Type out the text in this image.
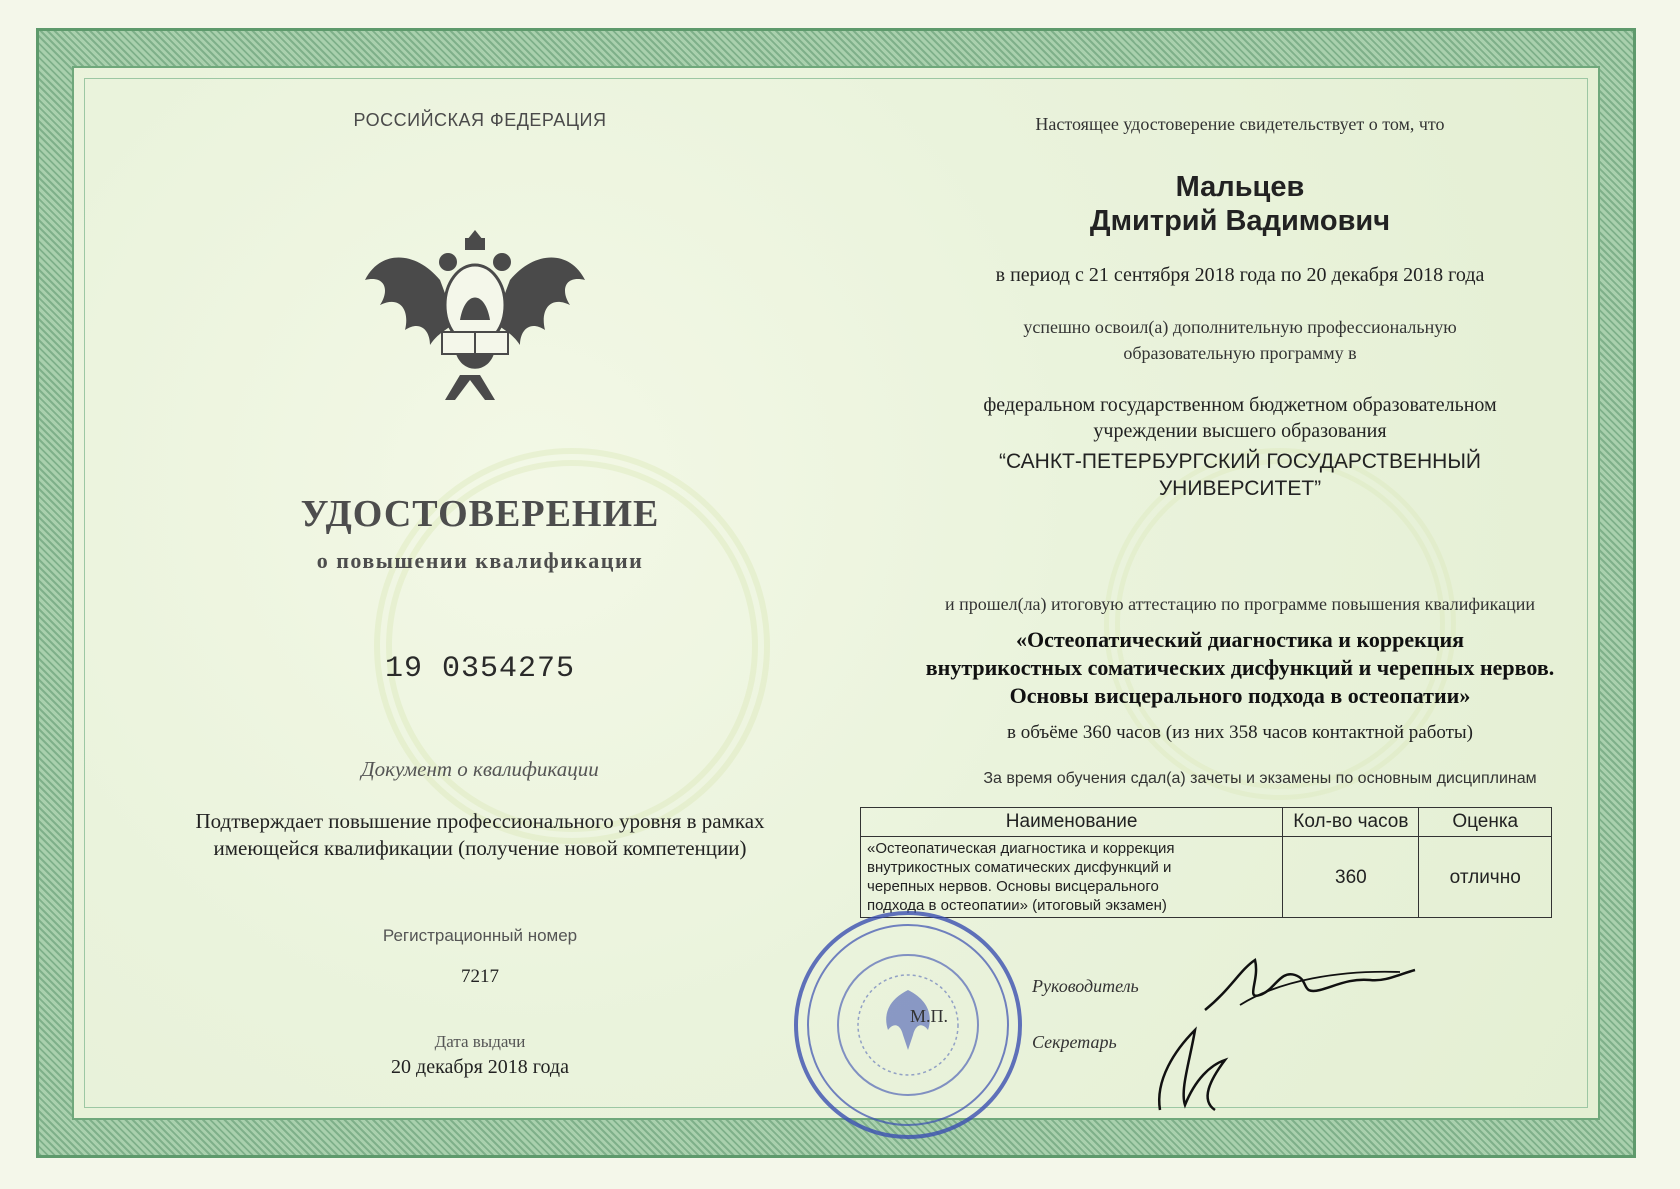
РОССИЙСКАЯ ФЕДЕРАЦИЯ
УДОСТОВЕРЕНИЕ
о повышении квалификации
19 0354275
Документ о квалификации
Подтверждает повышение профессионального уровня в рамках
имеющейся квалификации (получение новой компетенции)
Регистрационный номер
7217
Дата выдачи
20 декабря 2018 года
Настоящее удостоверение свидетельствует о том, что
Мальцев
Дмитрий Вадимович
в период с 21 сентября 2018 года по 20 декабря 2018 года
успешно освоил(а) дополнительную профессиональную
образовательную программу в
федеральном государственном бюджетном образовательном
учреждении высшего образования
“САНКТ-ПЕТЕРБУРГСКИЙ ГОСУДАРСТВЕННЫЙ
УНИВЕРСИТЕТ”
и прошел(ла) итоговую аттестацию по программе повышения квалификации
«Остеопатический диагностика и коррекция
внутрикостных соматических дисфункций и черепных нервов.
Основы висцерального подхода в остеопатии»
в объёме 360 часов (из них 358 часов контактной работы)
За время обучения сдал(а) зачеты и экзамены по основным дисциплинам
Наименование	Кол-во часов	Оценка

«Остеопатическая диагностика и коррекция
внутрикостных соматических дисфункций и
черепных нервов. Основы висцерального
подхода в остеопатии» (итоговый экзамен)	360	отлично
М.П.
Руководитель
Секретарь
